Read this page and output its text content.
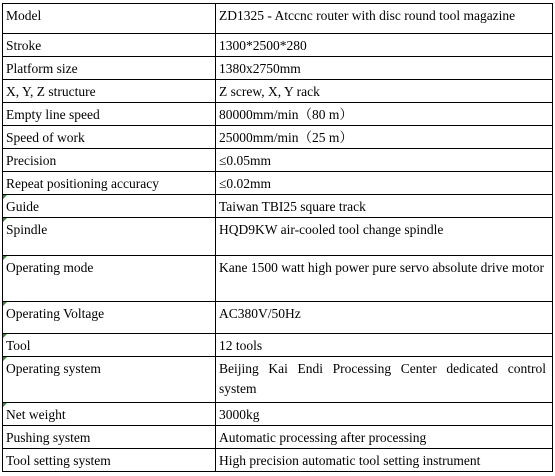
Model	ZD1325 - Atccnc router with disc round tool magazine
Stroke	1300*2500*280
Platform size	1380x2750mm
X, Y, Z structure	Z screw, X, Y rack
Empty line speed	80000mm/min（80 m）
Speed of work	25000mm/min（25 m）
Precision	≤0.05mm
Repeat positioning accuracy	≤0.02mm

Guide	Taiwan TBI25 square track

Spindle	HQD9KW air-cooled tool change spindle

Operating mode	Kane 1500 watt high power pure servo absolute drive motor

Operating Voltage	AC380V/50Hz

Tool	12 tools

Operating system	Beijing Kai Endi Processing Center dedicated control system

Net weight	3000kg
Pushing system	Automatic processing after processing
Tool setting system	High precision automatic tool setting instrument
